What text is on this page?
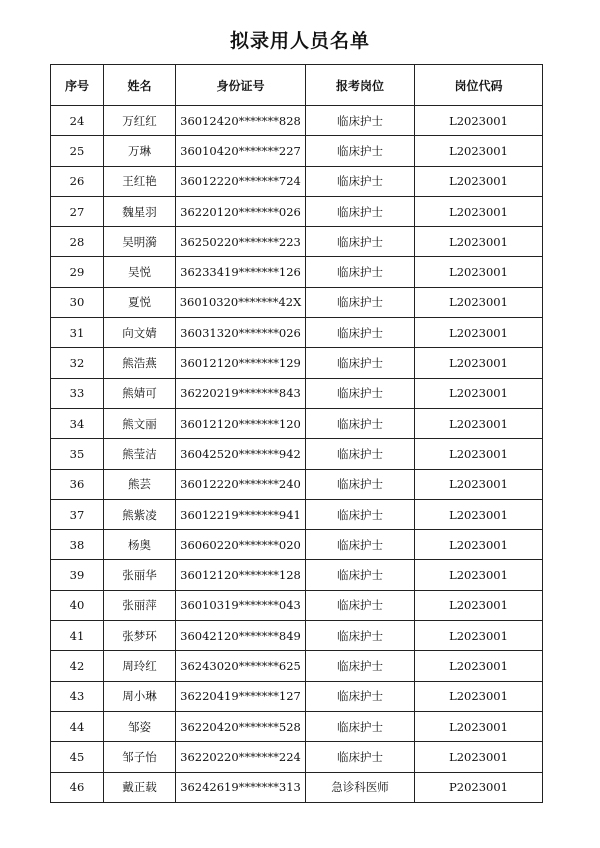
拟录用人员名单
序号	姓名	身份证号	报考岗位	岗位代码
24	万红红	36012420*******828	临床护士	L2023001
25	万琳	36010420*******227	临床护士	L2023001
26	王红艳	36012220*******724	临床护士	L2023001
27	魏星羽	36220120*******026	临床护士	L2023001
28	吴明漪	36250220*******223	临床护士	L2023001
29	吴悦	36233419*******126	临床护士	L2023001
30	夏悦	36010320*******42X	临床护士	L2023001
31	向文婧	36031320*******026	临床护士	L2023001
32	熊浩燕	36012120*******129	临床护士	L2023001
33	熊婧可	36220219*******843	临床护士	L2023001
34	熊文丽	36012120*******120	临床护士	L2023001
35	熊莹洁	36042520*******942	临床护士	L2023001
36	熊芸	36012220*******240	临床护士	L2023001
37	熊紫凌	36012219*******941	临床护士	L2023001
38	杨奥	36060220*******020	临床护士	L2023001
39	张丽华	36012120*******128	临床护士	L2023001
40	张丽萍	36010319*******043	临床护士	L2023001
41	张梦环	36042120*******849	临床护士	L2023001
42	周玲红	36243020*******625	临床护士	L2023001
43	周小琳	36220419*******127	临床护士	L2023001
44	邹姿	36220420*******528	临床护士	L2023001
45	邹子怡	36220220*******224	临床护士	L2023001
46	戴正载	36242619*******313	急诊科医师	P2023001
